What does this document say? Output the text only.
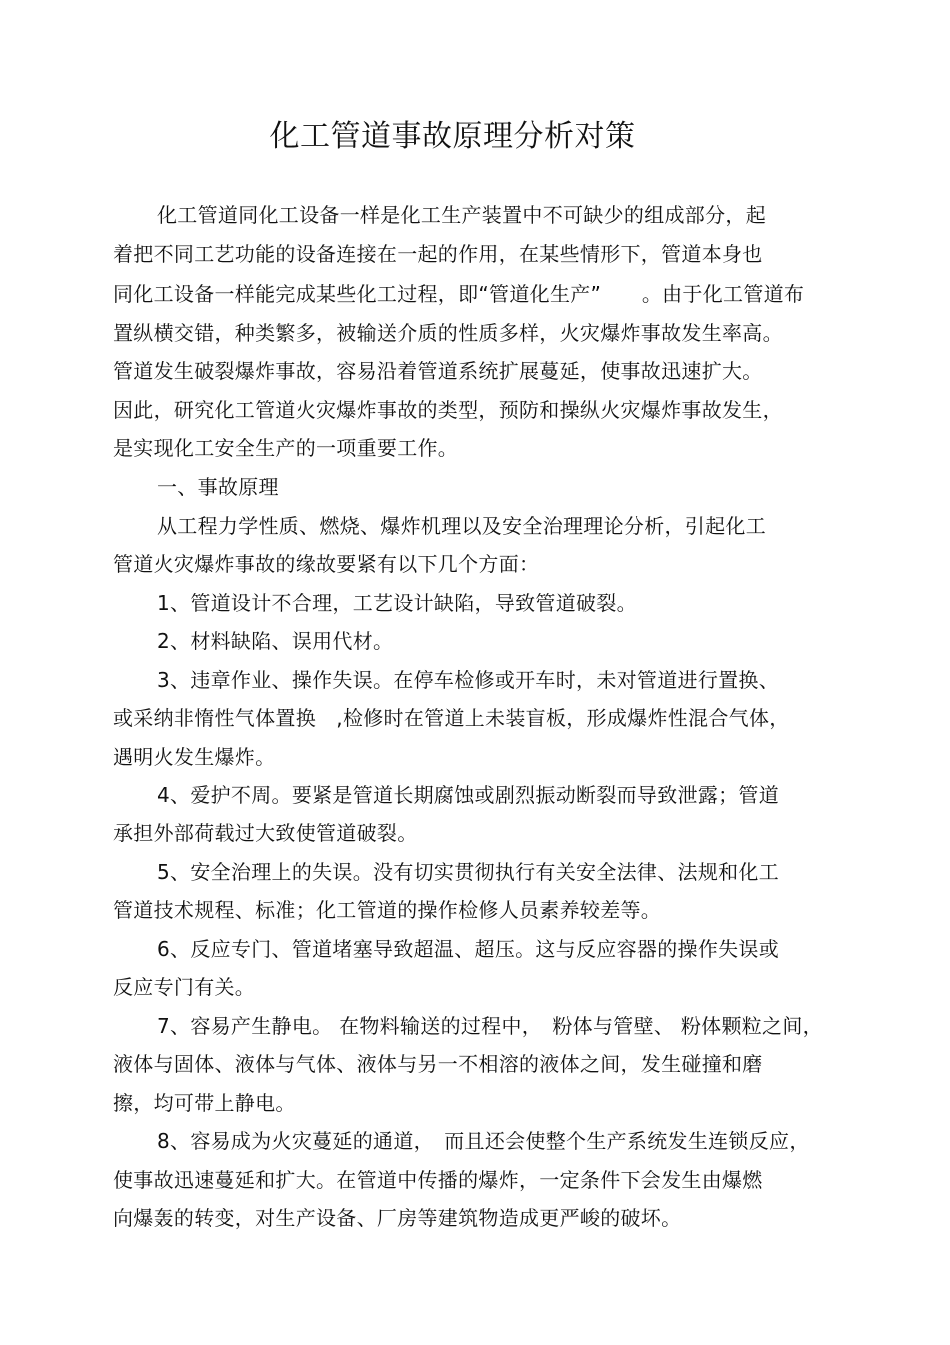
化工管道事故原理分析对策
化工管道同化工设备一样是化工生产装置中不可缺少的组成部分，起
着把不同工艺功能的设备连接在一起的作用，在某些情形下，管道本身也
同化工设备一样能完成某些化工过程，即“管道化生产”　　。由于化工管道布
置纵横交错，种类繁多，被输送介质的性质多样，火灾爆炸事故发生率高。
管道发生破裂爆炸事故，容易沿着管道系统扩展蔓延，使事故迅速扩大。
因此，研究化工管道火灾爆炸事故的类型，预防和操纵火灾爆炸事故发生，
是实现化工安全生产的一项重要工作。
一、事故原理
从工程力学性质、燃烧、爆炸机理以及安全治理理论分析，引起化工
管道火灾爆炸事故的缘故要紧有以下几个方面：
1、管道设计不合理，工艺设计缺陷，导致管道破裂。
2、材料缺陷、误用代材。
3、违章作业、操作失误。在停车检修或开车时，未对管道进行置换、
或采纳非惰性气体置换　,检修时在管道上未装盲板，形成爆炸性混合气体，
遇明火发生爆炸。
4、爱护不周。要紧是管道长期腐蚀或剧烈振动断裂而导致泄露；管道
承担外部荷载过大致使管道破裂。
5、安全治理上的失误。没有切实贯彻执行有关安全法律、法规和化工
管道技术规程、标准；化工管道的操作检修人员素养较差等。
6、反应专门、管道堵塞导致超温、超压。这与反应容器的操作失误或
反应专门有关。
7、容易产生静电。 在物料输送的过程中，　粉体与管壁、 粉体颗粒之间，
液体与固体、液体与气体、液体与另一不相溶的液体之间，发生碰撞和磨
擦，均可带上静电。
8、容易成为火灾蔓延的通道，　而且还会使整个生产系统发生连锁反应，
使事故迅速蔓延和扩大。在管道中传播的爆炸，一定条件下会发生由爆燃
向爆轰的转变，对生产设备、厂房等建筑物造成更严峻的破坏。
